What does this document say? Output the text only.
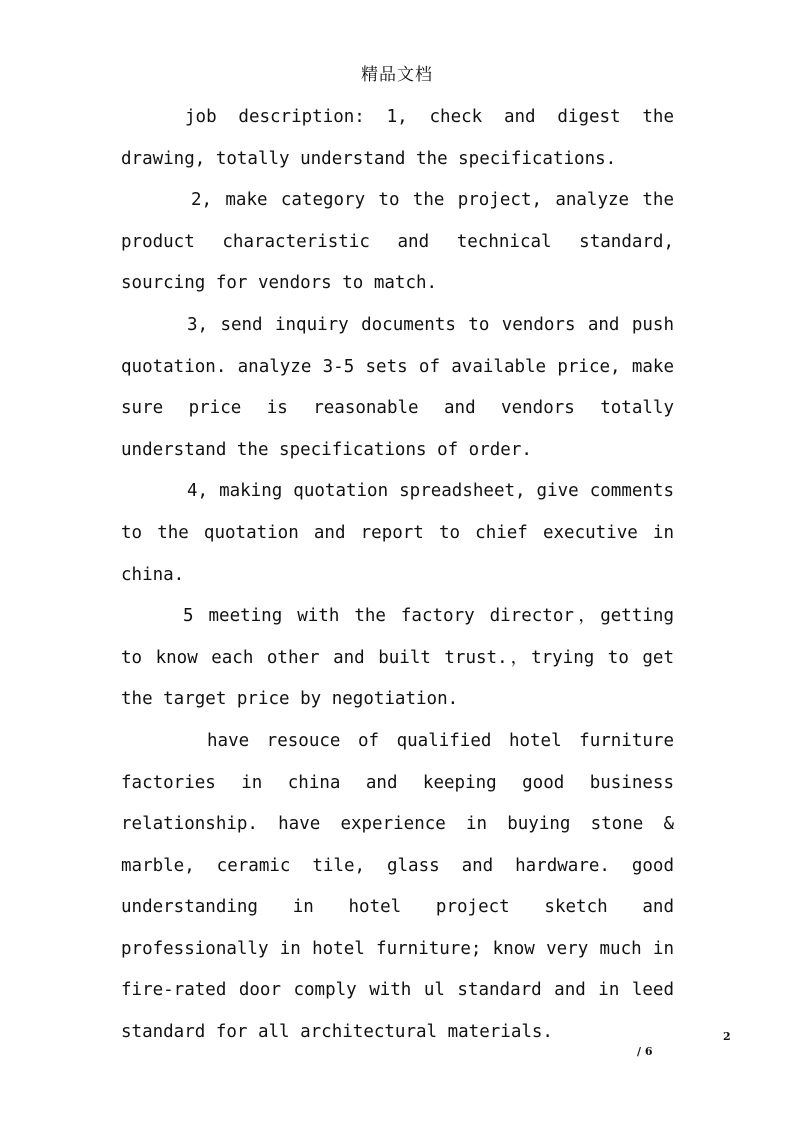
精品文档

job description: 1, check and digest the drawing, totally understand the specifications.

2, make category to the project, analyze the product characteristic and technical standard, sourcing for vendors to match.

3, send inquiry documents to vendors and push quotation. analyze 3-5 sets of available price, make sure price is reasonable and vendors totally understand the specifications of order.

4, making quotation spreadsheet, give comments to the quotation and report to chief executive in china.

5 meeting with the factory director，getting to know each other and built trust.，trying to get the target price by negotiation.

have resouce of qualified hotel furniture factories in china and keeping good business relationship. have experience in buying stone & marble, ceramic tile, glass and hardware. good understanding in hotel project sketch and professionally in hotel furniture; know very much in fire-rated door comply with ul standard and in leed standard for all architectural materials.	2
/ 6
